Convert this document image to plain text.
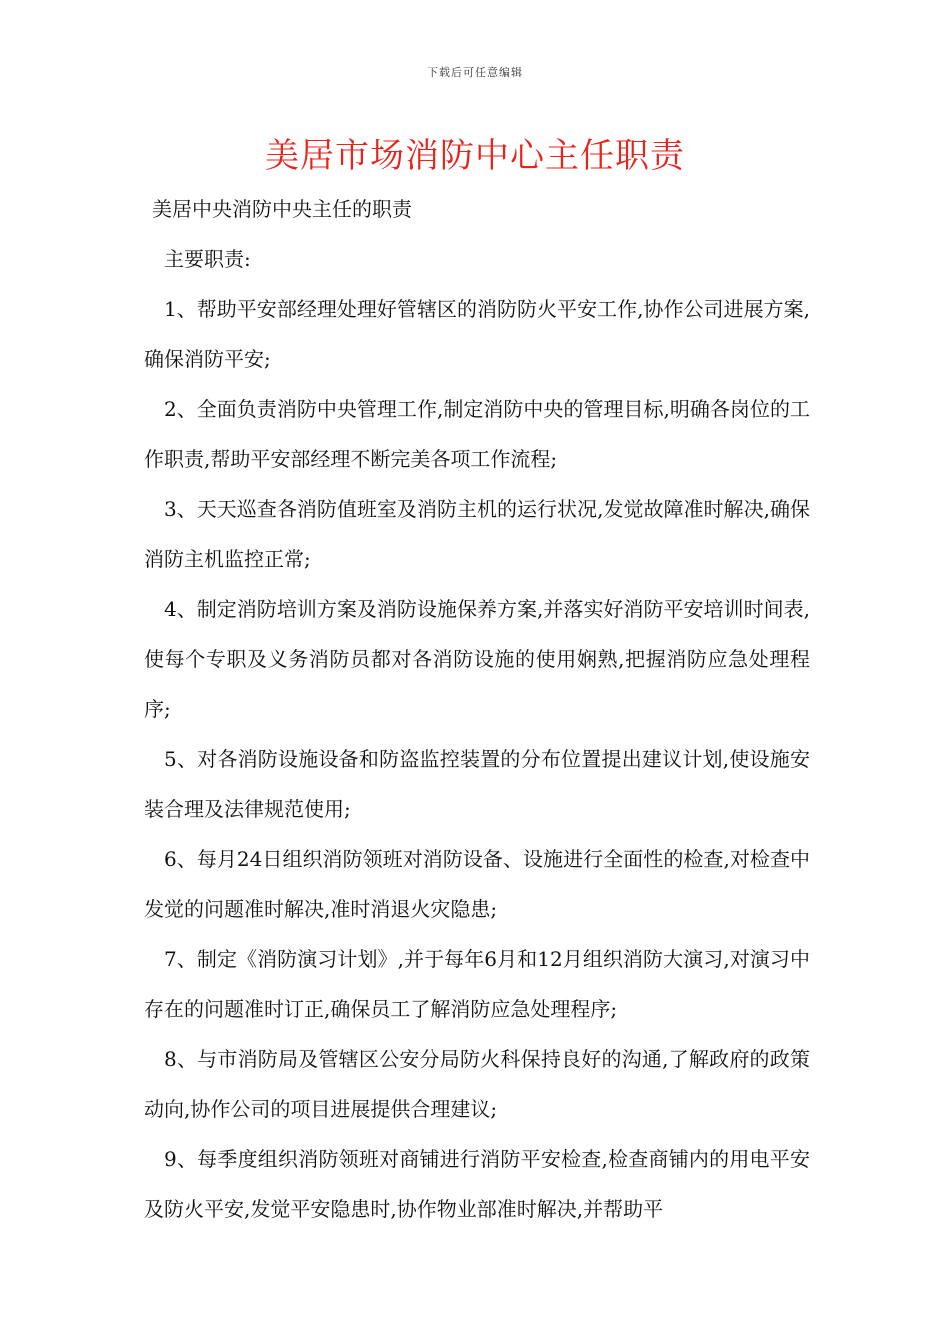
下载后可任意编辑
美居市场消防中心主任职责

美居中央消防中央主任的职责

主要职责:

1、帮助平安部经理处理好管辖区的消防防火平安工作,协作公司进展方案,确保消防平安;

2、全面负责消防中央管理工作,制定消防中央的管理目标,明确各岗位的工作职责,帮助平安部经理不断完美各项工作流程;

3、天天巡查各消防值班室及消防主机的运行状况,发觉故障准时解决,确保消防主机监控正常;

4、制定消防培训方案及消防设施保养方案,并落实好消防平安培训时间表,使每个专职及义务消防员都对各消防设施的使用娴熟,把握消防应急处理程序;

5、对各消防设施设备和防盗监控装置的分布位置提出建议计划,使设施安装合理及法律规范使用;

6、每月24日组织消防领班对消防设备、设施进行全面性的检查,对检查中发觉的问题准时解决,准时消退火灾隐患;

7、制定《消防演习计划》,并于每年6月和12月组织消防大演习,对演习中存在的问题准时订正,确保员工了解消防应急处理程序;

8、与市消防局及管辖区公安分局防火科保持良好的沟通,了解政府的政策动向,协作公司的项目进展提供合理建议;

9、每季度组织消防领班对商铺进行消防平安检查,检查商铺内的用电平安及防火平安,发觉平安隐患时,协作物业部准时解决,并帮助平
